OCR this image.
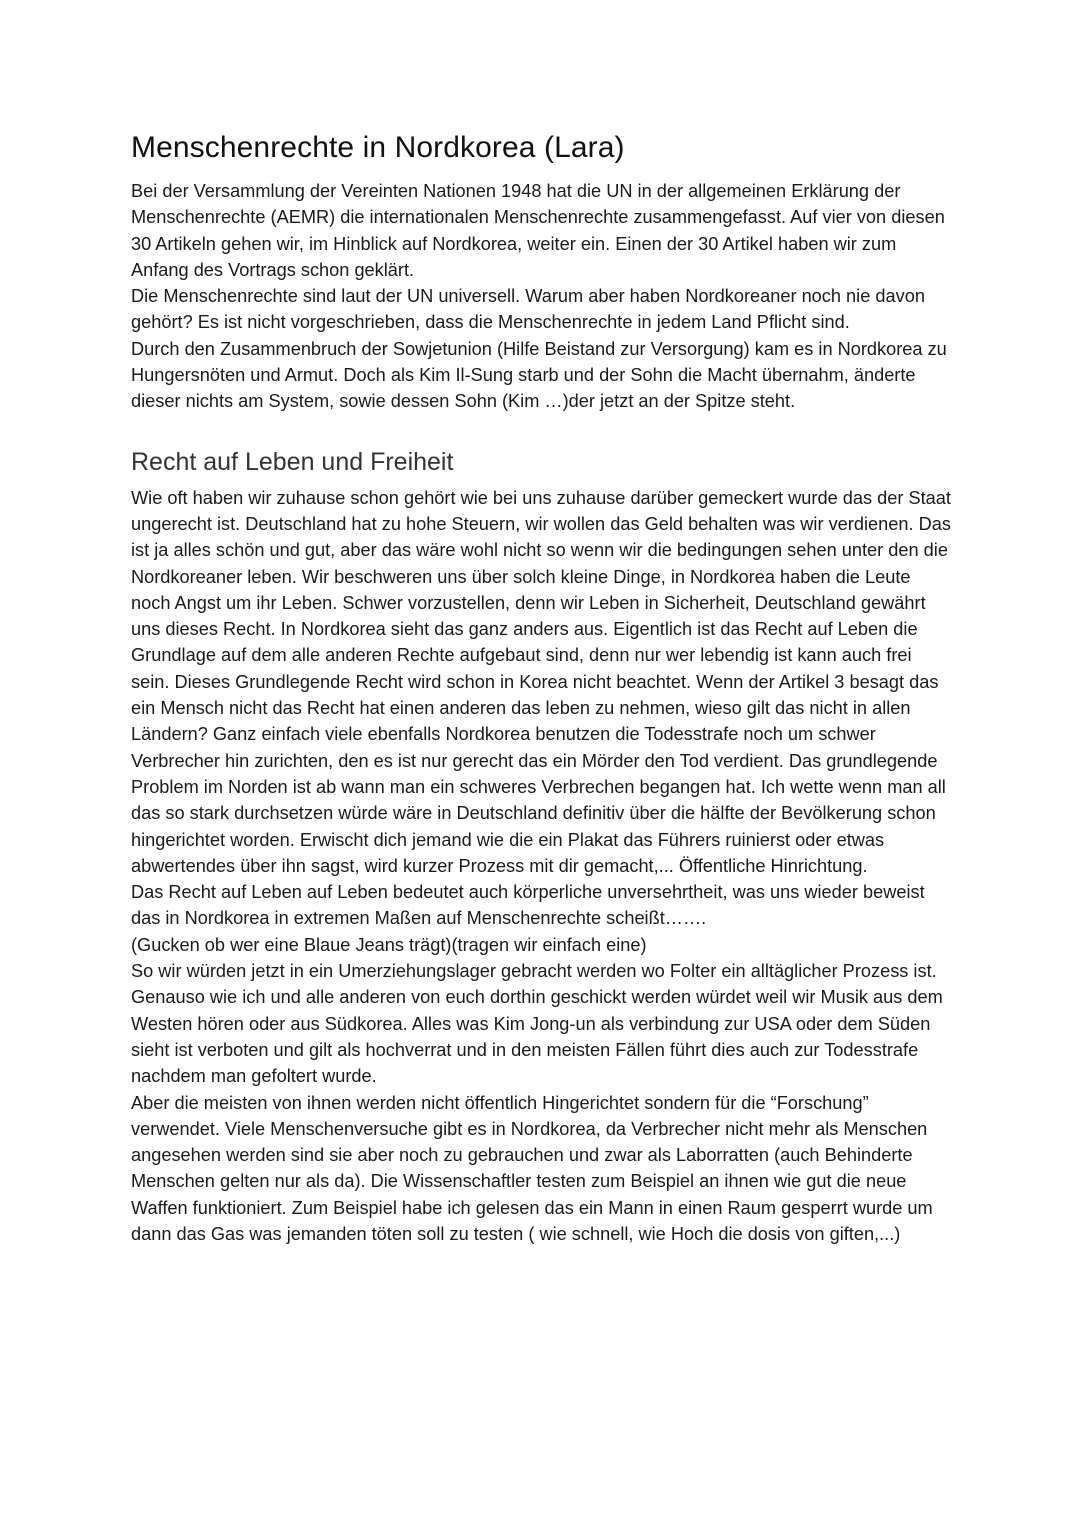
Menschenrechte in Nordkorea (Lara)

Bei der Versammlung der Vereinten Nationen 1948 hat die UN in der allgemeinen Erklärung der Menschenrechte (AEMR) die internationalen Menschenrechte zusammengefasst. Auf vier von diesen 30 Artikeln gehen wir, im Hinblick auf Nordkorea, weiter ein. Einen der 30 Artikel haben wir zum Anfang des Vortrags schon geklärt.

Die Menschenrechte sind laut der UN universell. Warum aber haben Nordkoreaner noch nie davon gehört? Es ist nicht vorgeschrieben, dass die Menschenrechte in jedem Land Pflicht sind.

Durch den Zusammenbruch der Sowjetunion (Hilfe Beistand zur Versorgung) kam es in Nordkorea zu Hungersnöten und Armut. Doch als Kim Il-Sung starb und der Sohn die Macht übernahm, änderte dieser nichts am System, sowie dessen Sohn (Kim …)der jetzt an der Spitze steht.

Recht auf Leben und Freiheit

Wie oft haben wir zuhause schon gehört wie bei uns zuhause darüber gemeckert wurde das der Staat ungerecht ist. Deutschland hat zu hohe Steuern, wir wollen das Geld behalten was wir verdienen. Das ist ja alles schön und gut, aber das wäre wohl nicht so wenn wir die bedingungen sehen unter den die Nordkoreaner leben. Wir beschweren uns über solch kleine Dinge, in Nordkorea haben die Leute noch Angst um ihr Leben. Schwer vorzustellen, denn wir Leben in Sicherheit, Deutschland gewährt uns dieses Recht. In Nordkorea sieht das ganz anders aus. Eigentlich ist das Recht auf Leben die Grundlage auf dem alle anderen Rechte aufgebaut sind, denn nur wer lebendig ist kann auch frei sein. Dieses Grundlegende Recht wird schon in Korea nicht beachtet. Wenn der Artikel 3 besagt das ein Mensch nicht das Recht hat einen anderen das leben zu nehmen, wieso gilt das nicht in allen Ländern? Ganz einfach viele ebenfalls Nordkorea benutzen die Todesstrafe noch um schwer Verbrecher hin zurichten, den es ist nur gerecht das ein Mörder den Tod verdient. Das grundlegende Problem im Norden ist ab wann man ein schweres Verbrechen begangen hat. Ich wette wenn man all das so stark durchsetzen würde wäre in Deutschland definitiv über die hälfte der Bevölkerung schon hingerichtet worden. Erwischt dich jemand wie die ein Plakat das Führers ruinierst oder etwas abwertendes über ihn sagst, wird kurzer Prozess mit dir gemacht,... Öffentliche Hinrichtung.

Das Recht auf Leben auf Leben bedeutet auch körperliche unversehrtheit, was uns wieder beweist das in Nordkorea in extremen Maßen auf Menschenrechte scheißt…….

(Gucken ob wer eine Blaue Jeans trägt)(tragen wir einfach eine)

So wir würden jetzt in ein Umerziehungslager gebracht werden wo Folter ein alltäglicher Prozess ist. Genauso wie ich und alle anderen von euch dorthin geschickt werden würdet weil wir Musik aus dem Westen hören oder aus Südkorea. Alles was Kim Jong-un als verbindung zur USA oder dem Süden sieht ist verboten und gilt als hochverrat und in den meisten Fällen führt dies auch zur Todesstrafe nachdem man gefoltert wurde.

Aber die meisten von ihnen werden nicht öffentlich Hingerichtet sondern für die “Forschung” verwendet. Viele Menschenversuche gibt es in Nordkorea, da Verbrecher nicht mehr als Menschen angesehen werden sind sie aber noch zu gebrauchen und zwar als Laborratten (auch Behinderte Menschen gelten nur als da). Die Wissenschaftler testen zum Beispiel an ihnen wie gut die neue Waffen funktioniert. Zum Beispiel habe ich gelesen das ein Mann in einen Raum gesperrt wurde um dann das Gas was jemanden töten soll zu testen ( wie schnell, wie Hoch die dosis von giften,...)
